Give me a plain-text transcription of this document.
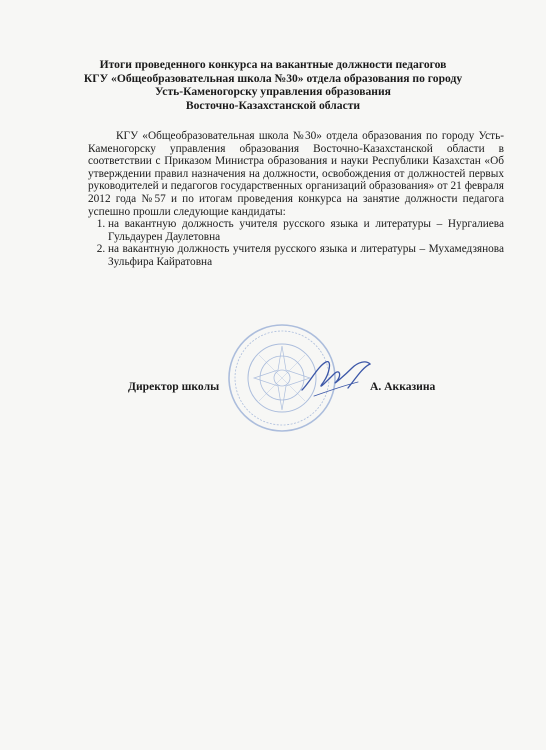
Итоги проведенного конкурса на вакантные должности педагогов
КГУ «Общеобразовательная школа №30» отдела образования по городу
Усть-Каменогорску управления образования
Восточно-Казахстанской области

КГУ «Общеобразовательная школа №30» отдела образования по городу Усть-Каменогорску управления образования Восточно-Казахстанской области в соответствии с Приказом Министра образования и науки Республики Казахстан «Об утверждении правил назначения на должности, освобождения от должностей первых руководителей и педагогов государственных организаций образования» от 21 февраля 2012 года №57 и по итогам проведения конкурса на занятие должности педагога успешно прошли следующие кандидаты:

1. на вакантную должность учителя русского языка и литературы – Нургалиева Гульдаурен Даулетовна
2. на вакантную должность учителя русского языка и литературы – Мухамедзянова Зульфира Кайратовна
Директор школы	А. Акказина
